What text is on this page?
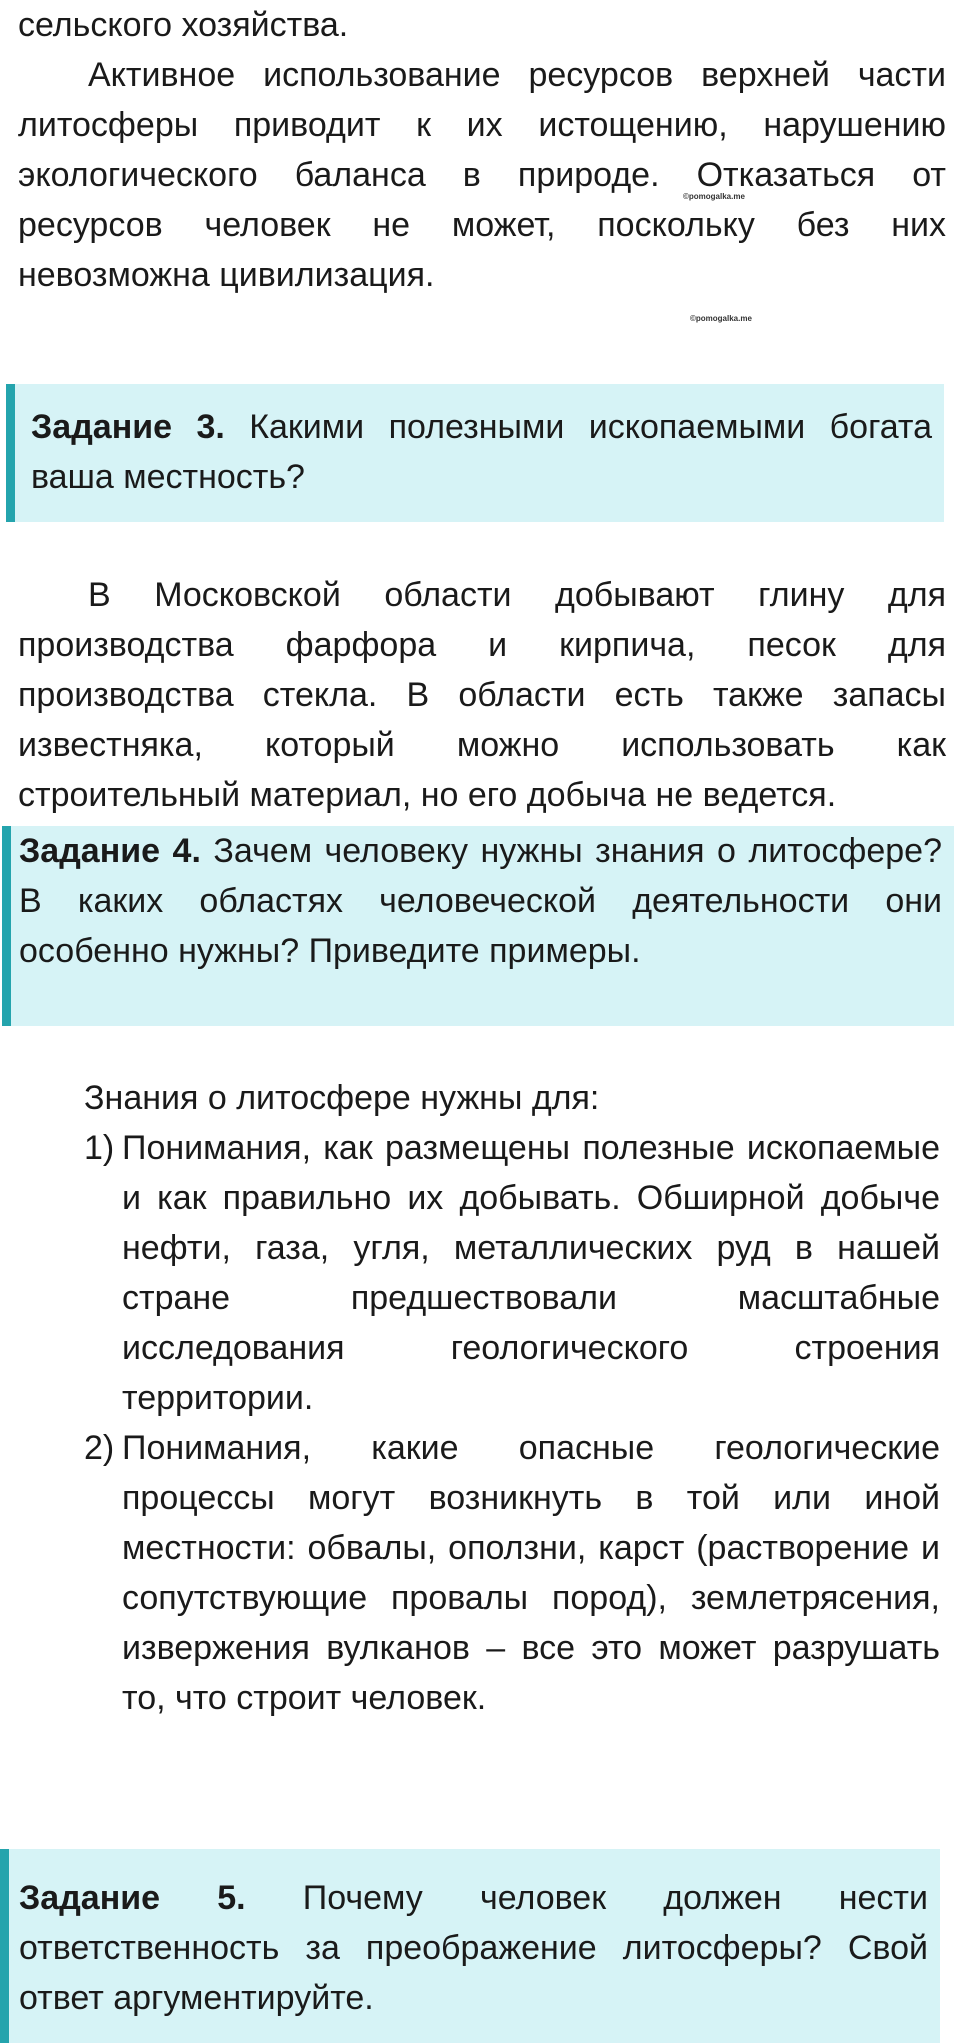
сельского хозяйства.

Активное использование ресурсов верхней части литосферы приводит к их истощению, нарушению экологического баланса в природе. Отказаться от ресурсов человек не может, поскольку без них невозможна цивилизация.

©pomogalka.me
©pomogalka.me

Задание 3. Какими полезными ископаемыми богата ваша местность?

В Московской области добывают глину для производства фарфора и кирпича, песок для производства стекла. В области есть также запасы известняка, который можно использовать как строительный материал, но его добыча не ведется.

Задание 4. Зачем человеку нужны знания о литосфере? В каких областях человеческой деятельности они особенно нужны? Приведите примеры.

Знания о литосфере нужны для:

1) Понимания, как размещены полезные ископаемые и как правильно их добывать. Обширной добыче нефти, газа, угля, металлических руд в нашей стране предшествовали масштабные исследования геологического строения территории.
2) Понимания, какие опасные геологические процессы могут возникнуть в той или иной местности: обвалы, оползни, карст (растворение и сопутствующие провалы пород), землетрясения, извержения вулканов – все это может разрушать то, что строит человек.

Задание 5. Почему человек должен нести ответственность за преображение литосферы? Свой ответ аргументируйте.
